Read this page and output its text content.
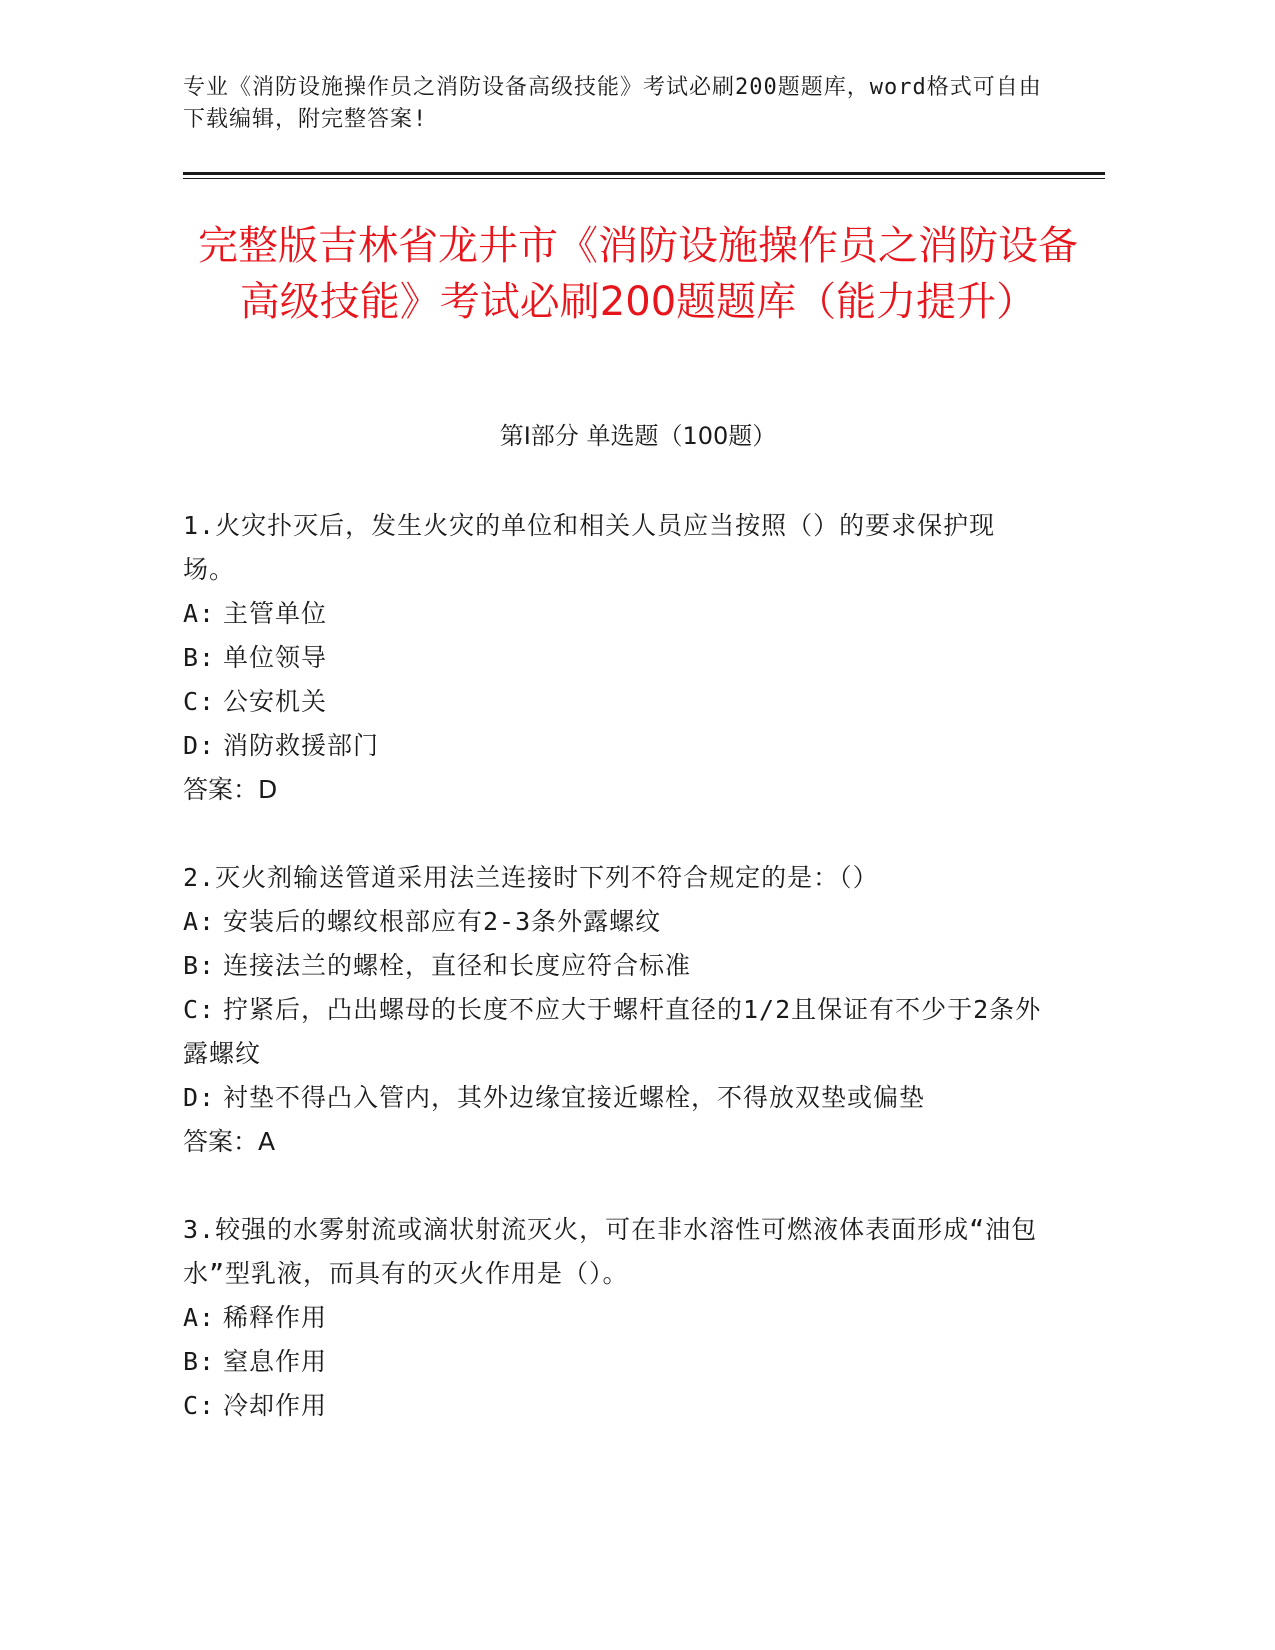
专业《消防设施操作员之消防设备高级技能》考试必刷200题题库，word格式可自由下载编辑，附完整答案!
完整版吉林省龙井市《消防设施操作员之消防设备高级技能》考试必刷200题题库（能力提升）
第I部分 单选题（100题）

1.火灾扑灭后，发生火灾的单位和相关人员应当按照（）的要求保护现场。

A: 主管单位

B: 单位领导

C: 公安机关

D: 消防救援部门

答案：D

2.灭火剂输送管道采用法兰连接时下列不符合规定的是：（）

A: 安装后的螺纹根部应有2-3条外露螺纹

B: 连接法兰的螺栓，直径和长度应符合标准

C: 拧紧后，凸出螺母的长度不应大于螺杆直径的1/2且保证有不少于2条外露螺纹

D: 衬垫不得凸入管内，其外边缘宜接近螺栓，不得放双垫或偏垫

答案：A

3.较强的水雾射流或滴状射流灭火，可在非水溶性可燃液体表面形成“油包水”型乳液，而具有的灭火作用是（）。

A: 稀释作用

B: 窒息作用

C: 冷却作用
